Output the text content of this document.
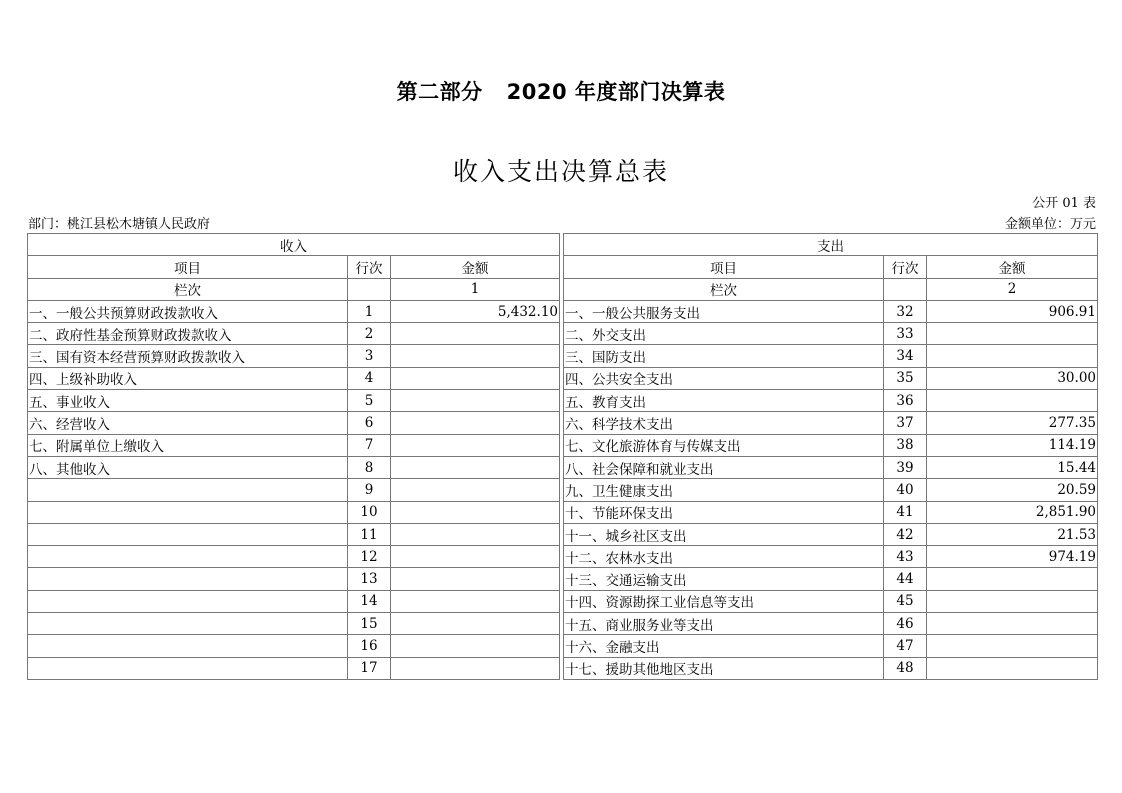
第二部分 2020 年度部门决算表
收入支出决算总表
公开 01 表
部门：桃江县松木塘镇人民政府	金额单位：万元
收入				支出		
项目	行次	金额		项目	行次	金额
栏次		1		栏次		2
一、一般公共预算财政拨款收入	1	5,432.10		一、一般公共服务支出	32	906.91
二、政府性基金预算财政拨款收入	2			二、外交支出	33	
三、国有资本经营预算财政拨款收入	3			三、国防支出	34	
四、上级补助收入	4			四、公共安全支出	35	30.00
五、事业收入	5			五、教育支出	36	
六、经营收入	6			六、科学技术支出	37	277.35
七、附属单位上缴收入	7			七、文化旅游体育与传媒支出	38	114.19
八、其他收入	8			八、社会保障和就业支出	39	15.44
	9			九、卫生健康支出	40	20.59
	10			十、节能环保支出	41	2,851.90
	11			十一、城乡社区支出	42	21.53
	12			十二、农林水支出	43	974.19
	13			十三、交通运输支出	44	
	14			十四、资源勘探工业信息等支出	45	
	15			十五、商业服务业等支出	46	
	16			十六、金融支出	47	
	17			十七、援助其他地区支出	48	
